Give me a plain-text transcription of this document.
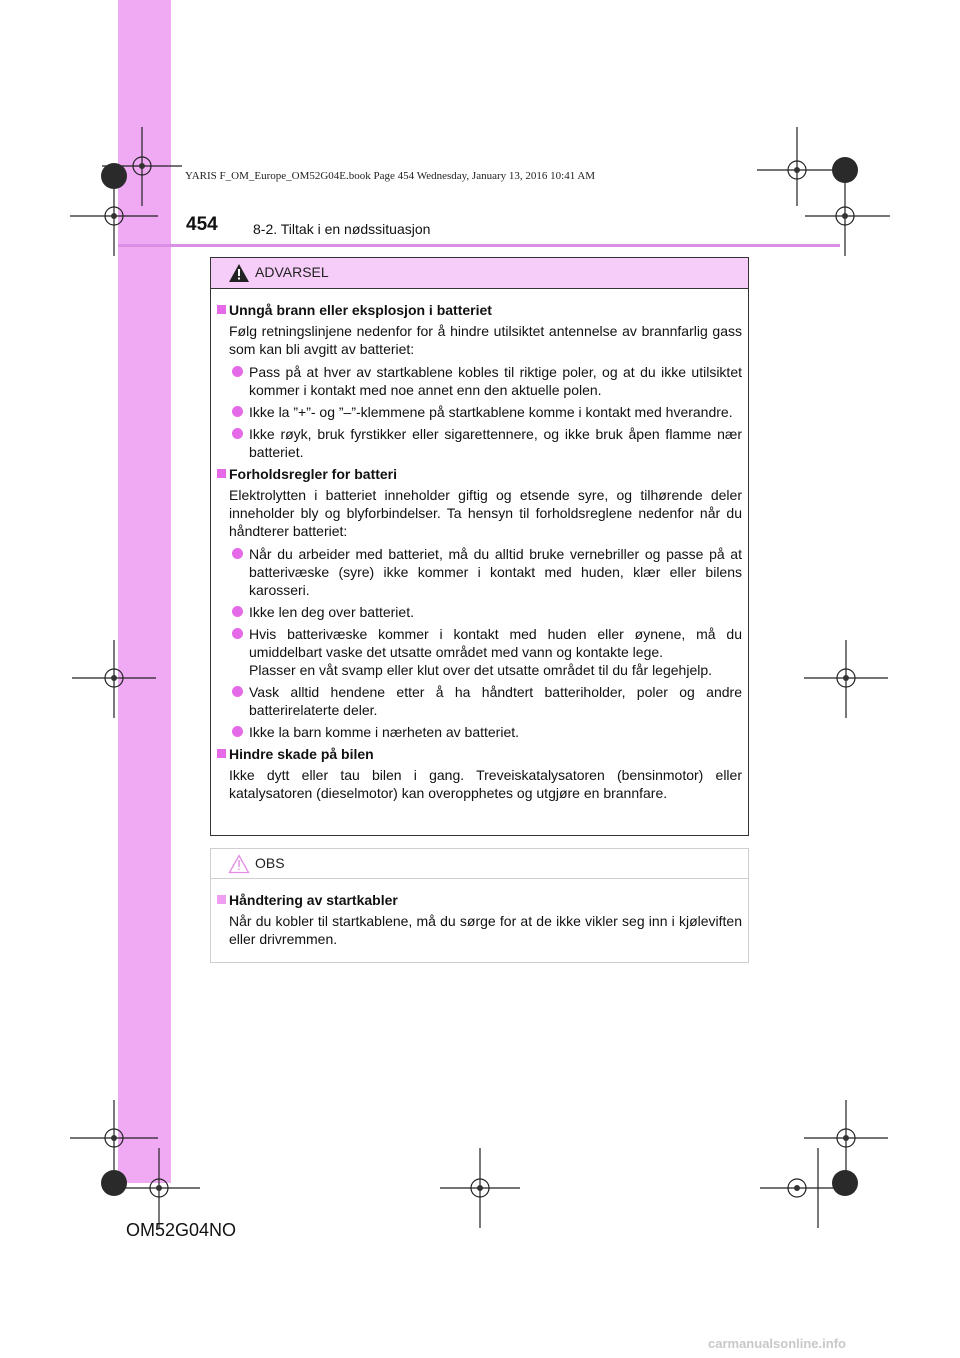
YARIS F_OM_Europe_OM52G04E.book Page 454 Wednesday, January 13, 2016 10:41 AM
454	8-2. Tiltak i en nødssituasjon
ADVARSEL
Unngå brann eller eksplosjon i batteriet
Følg retningslinjene nedenfor for å hindre utilsiktet antennelse av brannfarlig gass som kan bli avgitt av batteriet:
Pass på at hver av startkablene kobles til riktige poler, og at du ikke utilsiktet kommer i kontakt med noe annet enn den aktuelle polen.
Ikke la ”+”- og ”–”-klemmene på startkablene komme i kontakt med hverandre.
Ikke røyk, bruk fyrstikker eller sigarettennere, og ikke bruk åpen flamme nær batteriet.
Forholdsregler for batteri
Elektrolytten i batteriet inneholder giftig og etsende syre, og tilhørende deler inneholder bly og blyforbindelser. Ta hensyn til forholdsreglene nedenfor når du håndterer batteriet:
Når du arbeider med batteriet, må du alltid bruke vernebriller og passe på at batterivæske (syre) ikke kommer i kontakt med huden, klær eller bilens karosseri.
Ikke len deg over batteriet.
Hvis batterivæske kommer i kontakt med huden eller øynene, må du umiddelbart vaske det utsatte området med vann og kontakte lege.
Plasser en våt svamp eller klut over det utsatte området til du får legehjelp.
Vask alltid hendene etter å ha håndtert batteriholder, poler og andre batterirelaterte deler.
Ikke la barn komme i nærheten av batteriet.
Hindre skade på bilen
Ikke dytt eller tau bilen i gang. Treveiskatalysatoren (bensinmotor) eller katalysatoren (dieselmotor) kan overopphetes og utgjøre en brannfare.
OBS
Håndtering av startkabler
Når du kobler til startkablene, må du sørge for at de ikke vikler seg inn i kjøleviften eller drivremmen.
OM52G04NO
carmanualsonline.info
